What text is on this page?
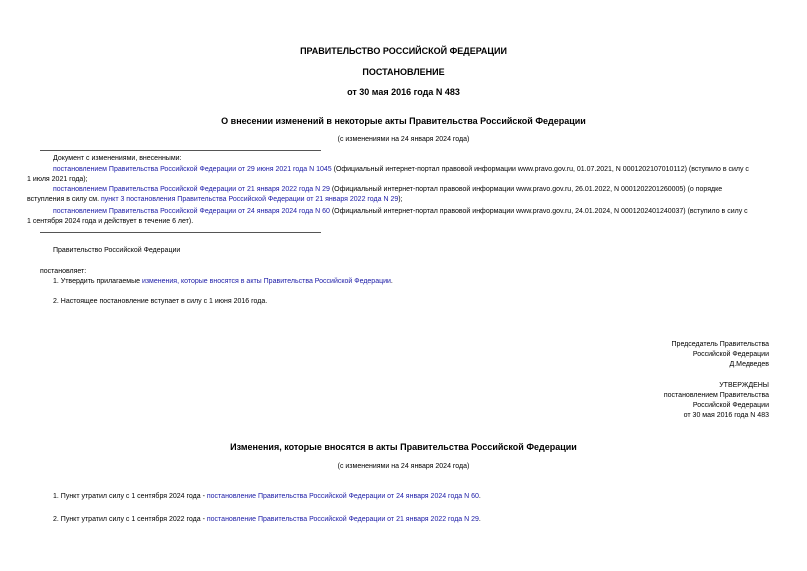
ПРАВИТЕЛЬСТВО РОССИЙСКОЙ ФЕДЕРАЦИИ
ПОСТАНОВЛЕНИЕ
от 30 мая 2016 года N 483
О внесении изменений в некоторые акты Правительства Российской Федерации
(с изменениями на 24 января 2024 года)
Документ с изменениями, внесенными:
постановлением Правительства Российской Федерации от 29 июня 2021 года N 1045 (Официальный интернет-портал правовой информации www.pravo.gov.ru, 01.07.2021, N 0001202107010112) (вступило в силу с
1 июля 2021 года);
постановлением Правительства Российской Федерации от 21 января 2022 года N 29 (Официальный интернет-портал правовой информации www.pravo.gov.ru, 26.01.2022, N 0001202201260005) (о порядке
вступления в силу см. пункт 3 постановления Правительства Российской Федерации от 21 января 2022 года N 29);
постановлением Правительства Российской Федерации от 24 января 2024 года N 60 (Официальный интернет-портал правовой информации www.pravo.gov.ru, 24.01.2024, N 0001202401240037) (вступило в силу с
1 сентября 2024 года и действует в течение 6 лет).
Правительство Российской Федерации
постановляет:
1. Утвердить прилагаемые изменения, которые вносятся в акты Правительства Российской Федерации.
2. Настоящее постановление вступает в силу с 1 июня 2016 года.
Председатель Правительства
Российской Федерации
Д.Медведев
УТВЕРЖДЕНЫ
постановлением Правительства
Российской Федерации
от 30 мая 2016 года N 483
Изменения, которые вносятся в акты Правительства Российской Федерации
(с изменениями на 24 января 2024 года)
1. Пункт утратил силу с 1 сентября 2024 года - постановление Правительства Российской Федерации от 24 января 2024 года N 60.
2. Пункт утратил силу с 1 сентября 2022 года - постановление Правительства Российской Федерации от 21 января 2022 года N 29.
